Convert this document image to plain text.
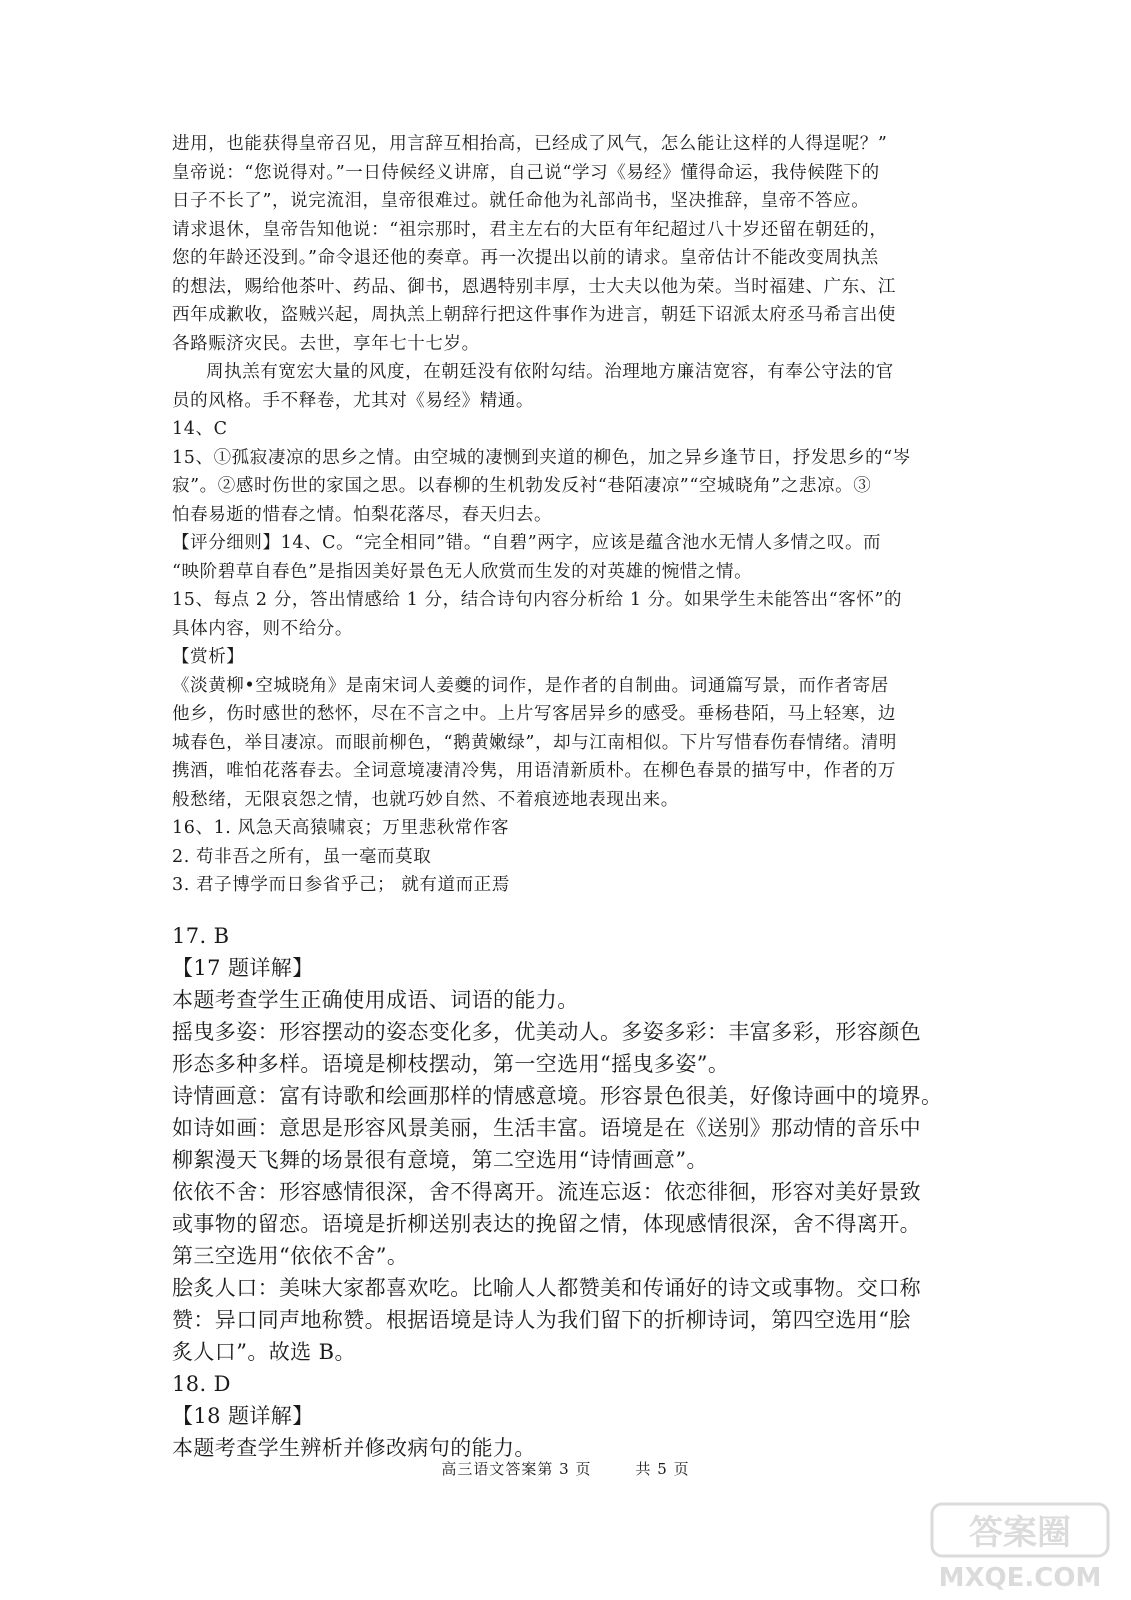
进用，也能获得皇帝召见，用言辞互相抬高，已经成了风气，怎么能让这样的人得逞呢？”
皇帝说：“您说得对。”一日侍候经义讲席，自己说“学习《易经》懂得命运，我侍候陛下的
日子不长了”，说完流泪，皇帝很难过。就任命他为礼部尚书，坚决推辞，皇帝不答应。
请求退休，皇帝告知他说：“祖宗那时，君主左右的大臣有年纪超过八十岁还留在朝廷的，
您的年龄还没到。”命令退还他的奏章。再一次提出以前的请求。皇帝估计不能改变周执羔
的想法，赐给他茶叶、药品、御书，恩遇特别丰厚，士大夫以他为荣。当时福建、广东、江
西年成歉收，盗贼兴起，周执羔上朝辞行把这件事作为进言，朝廷下诏派太府丞马希言出使
各路赈济灾民。去世，享年七十七岁。
周执羔有宽宏大量的风度，在朝廷没有依附勾结。治理地方廉洁宽容，有奉公守法的官
员的风格。手不释卷，尤其对《易经》精通。
14、C
15、①孤寂凄凉的思乡之情。由空城的凄恻到夹道的柳色，加之异乡逢节日，抒发思乡的“岑
寂”。②感时伤世的家国之思。以春柳的生机勃发反衬“巷陌凄凉”“空城晓角”之悲凉。③
怕春易逝的惜春之情。怕梨花落尽，春天归去。
【评分细则】14、C。“完全相同”错。“自碧”两字，应该是蕴含池水无情人多情之叹。而
“映阶碧草自春色”是指因美好景色无人欣赏而生发的对英雄的惋惜之情。
15、每点 2 分，答出情感给 1 分，结合诗句内容分析给 1 分。如果学生未能答出“客怀”的
具体内容，则不给分。
【赏析】
《淡黄柳•空城晓角》是南宋词人姜夔的词作，是作者的自制曲。词通篇写景，而作者寄居
他乡，伤时感世的愁怀，尽在不言之中。上片写客居异乡的感受。垂杨巷陌，马上轻寒，边
城春色，举目凄凉。而眼前柳色，“鹅黄嫩绿”，却与江南相似。下片写惜春伤春情绪。清明
携酒，唯怕花落春去。全词意境凄清冷隽，用语清新质朴。在柳色春景的描写中，作者的万
般愁绪，无限哀怨之情，也就巧妙自然、不着痕迹地表现出来。
16、1. 风急天高猿啸哀；万里悲秋常作客
2. 苟非吾之所有，虽一毫而莫取
3. 君子博学而日参省乎己； 就有道而正焉
17. B
【17 题详解】
本题考查学生正确使用成语、词语的能力。
摇曳多姿：形容摆动的姿态变化多，优美动人。多姿多彩：丰富多彩，形容颜色
形态多种多样。语境是柳枝摆动，第一空选用“摇曳多姿”。
诗情画意：富有诗歌和绘画那样的情感意境。形容景色很美，好像诗画中的境界。
如诗如画：意思是形容风景美丽，生活丰富。语境是在《送别》那动情的音乐中
柳絮漫天飞舞的场景很有意境，第二空选用“诗情画意”。
依依不舍：形容感情很深，舍不得离开。流连忘返：依恋徘徊，形容对美好景致
或事物的留恋。语境是折柳送别表达的挽留之情，体现感情很深，舍不得离开。
第三空选用“依依不舍”。
脍炙人口：美味大家都喜欢吃。比喻人人都赞美和传诵好的诗文或事物。交口称
赞：异口同声地称赞。根据语境是诗人为我们留下的折柳诗词，第四空选用“脍
炙人口”。故选 B。
18. D
【18 题详解】
本题考查学生辨析并修改病句的能力。
高三语文答案第 3 页	共 5 页
答案圈
MXQE.COM
